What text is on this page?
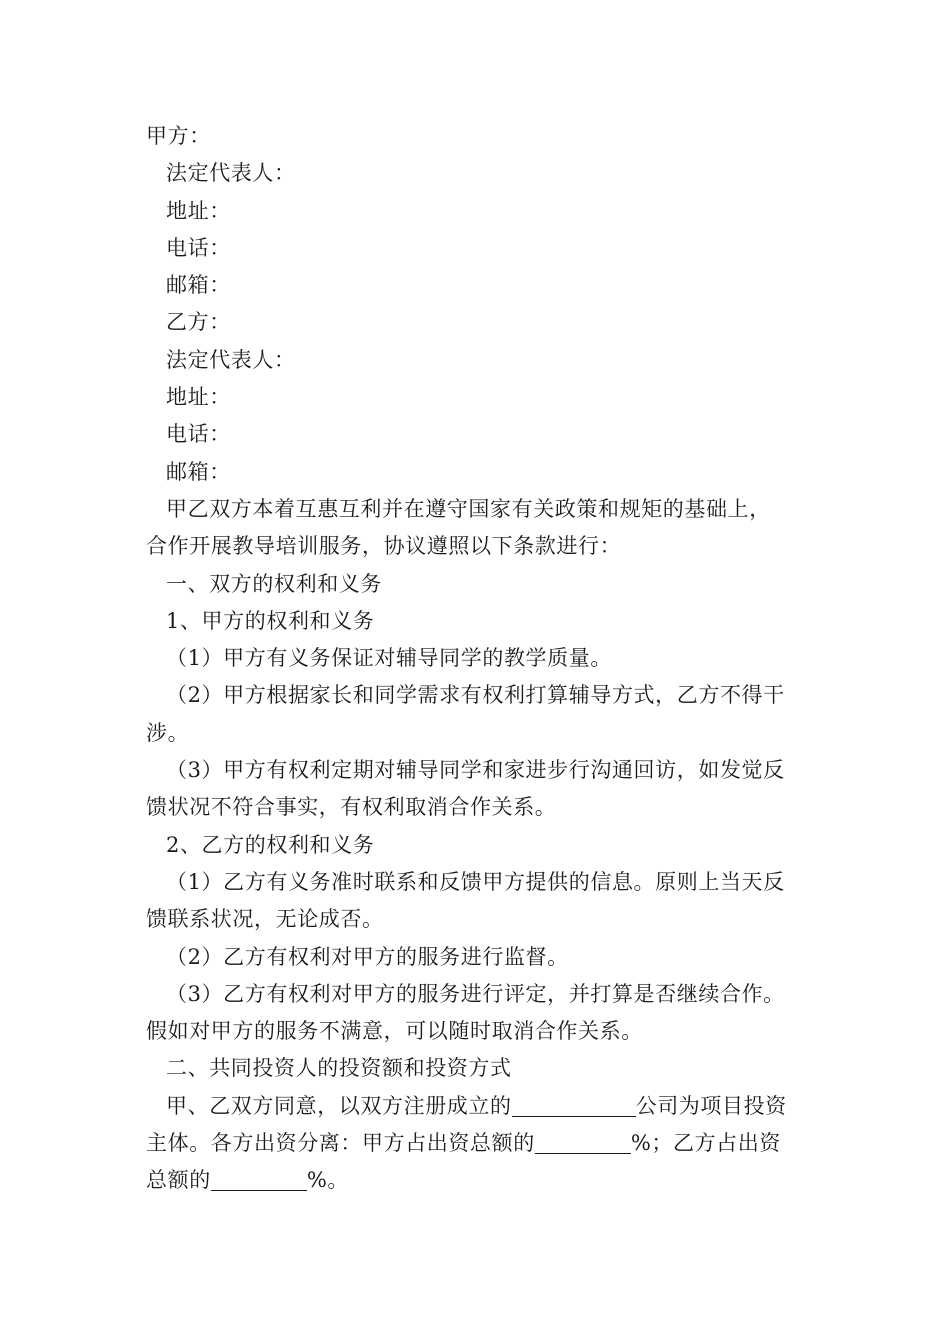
甲方：
法定代表人：
地址：
电话：
邮箱：
乙方：
法定代表人：
地址：
电话：
邮箱：
甲乙双方本着互惠互利并在遵守国家有关政策和规矩的基础上，
合作开展教导培训服务，协议遵照以下条款进行：
一、双方的权利和义务
1、甲方的权利和义务
（1）甲方有义务保证对辅导同学的教学质量。
（2）甲方根据家长和同学需求有权利打算辅导方式，乙方不得干
涉。
（3）甲方有权利定期对辅导同学和家进步行沟通回访，如发觉反
馈状况不符合事实，有权利取消合作关系。
2、乙方的权利和义务
（1）乙方有义务准时联系和反馈甲方提供的信息。原则上当天反
馈联系状况，无论成否。
（2）乙方有权利对甲方的服务进行监督。
（3）乙方有权利对甲方的服务进行评定，并打算是否继续合作。
假如对甲方的服务不满意，可以随时取消合作关系。
二、共同投资人的投资额和投资方式
甲、乙双方同意，以双方注册成立的	公司为项目投资
主体。各方出资分离：甲方占出资总额的	%；乙方占出资
总额的	%。
